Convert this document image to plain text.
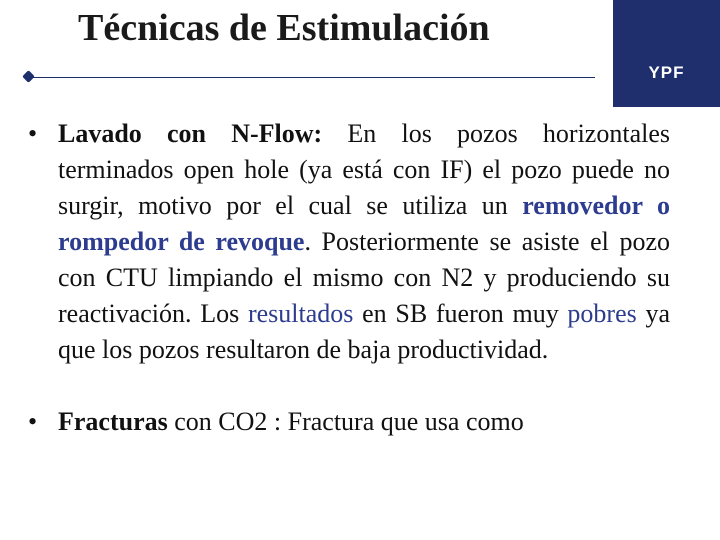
Técnicas de Estimulación
YPF
• Lavado con N-Flow: En los pozos horizontales terminados open hole (ya está con IF) el pozo puede no surgir, motivo por el cual se utiliza un removedor o rompedor de revoque. Posteriormente se asiste el pozo con CTU limpiando el mismo con N2 y produciendo su reactivación. Los resultados en SB fueron muy pobres ya que los pozos resultaron de baja productividad.
• Fracturas con CO2 : Fractura que usa como
